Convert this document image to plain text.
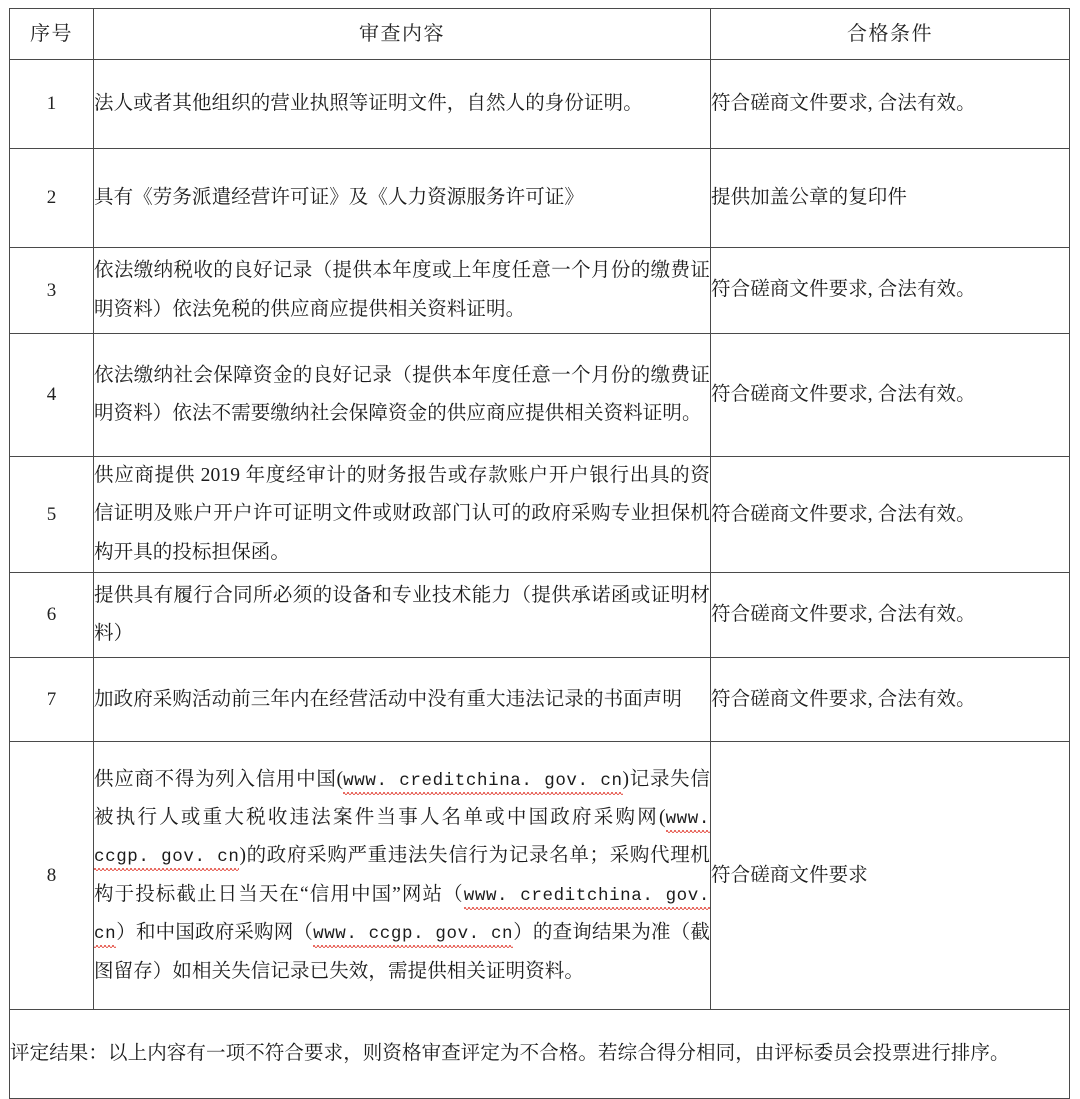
序号	审查内容	合格条件
1	法人或者其他组织的营业执照等证明文件，自然人的身份证明。	符合磋商文件要求, 合法有效。
2	具有《劳务派遣经营许可证》及《人力资源服务许可证》	提供加盖公章的复印件
3	依法缴纳税收的良好记录（提供本年度或上年度任意一个月份的缴费证明资料）依法免税的供应商应提供相关资料证明。	符合磋商文件要求, 合法有效。
4	依法缴纳社会保障资金的良好记录（提供本年度任意一个月份的缴费证明资料）依法不需要缴纳社会保障资金的供应商应提供相关资料证明。	符合磋商文件要求, 合法有效。
5	供应商提供 2019 年度经审计的财务报告或存款账户开户银行出具的资信证明及账户开户许可证明文件或财政部门认可的政府采购专业担保机构开具的投标担保函。	符合磋商文件要求, 合法有效。
6	提供具有履行合同所必须的设备和专业技术能力（提供承诺函或证明材料）	符合磋商文件要求, 合法有效。
7	加政府采购活动前三年内在经营活动中没有重大违法记录的书面声明	符合磋商文件要求, 合法有效。
8	供应商不得为列入信用中国(www. creditchina. gov. cn)记录失信被执行人或重大税收违法案件当事人名单或中国政府采购网(www. ccgp. gov. cn)的政府采购严重违法失信行为记录名单；采购代理机构于投标截止日当天在“信用中国”网站（www. creditchina. gov. cn）和中国政府采购网（www. ccgp. gov. cn）的查询结果为准（截图留存）如相关失信记录已失效，需提供相关证明资料。	符合磋商文件要求
评定结果：以上内容有一项不符合要求，则资格审查评定为不合格。若综合得分相同，由评标委员会投票进行排序。		
